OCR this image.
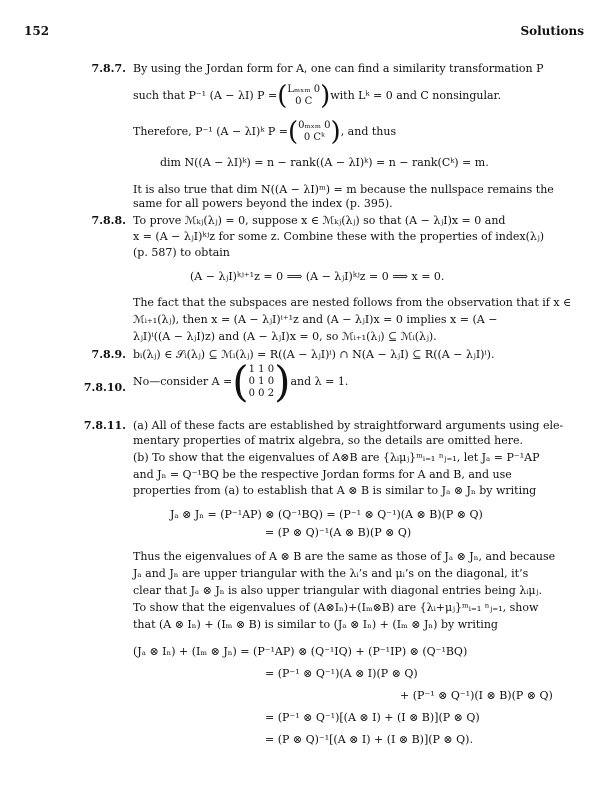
152	Solutions
7.8.7. By using the Jordan form for A, one can find a similarity transformation P
such that P⁻¹ (A − λI) P =(Lₘₓₘ 0
0 C )with Lᵏ = 0 and C nonsingular.
Therefore, P⁻¹ (A − λI)ᵏ P =(0ₘₓₘ 0
0 Cᵏ ), and thus
dim N((A − λI)ᵏ) = n − rank((A − λI)ᵏ) = n − rank(Cᵏ) = m.
It is also true that dim N((A − λI)ᵐ) = m because the nullspace remains the
same for all powers beyond the index (p. 395).
7.8.8. To prove ℳₖⱼ(λⱼ) = 0, suppose x ∈ ℳₖⱼ(λⱼ) so that (A − λⱼI)x = 0 and
x = (A − λⱼI)ᵏʲz for some z. Combine these with the properties of index(λⱼ)
(p. 587) to obtain
(A − λⱼI)ᵏʲ⁺¹z = 0 ⟹ (A − λⱼI)ᵏʲz = 0 ⟹ x = 0.
The fact that the subspaces are nested follows from the observation that if x ∈
ℳᵢ₊₁(λⱼ), then x = (A − λⱼI)ⁱ⁺¹z and (A − λⱼI)x = 0 implies x = (A −
λⱼI)ⁱ((A − λⱼI)z) and (A − λⱼI)x = 0, so ℳᵢ₊₁(λⱼ) ⊆ ℳᵢ(λⱼ).
7.8.9. bᵢ(λⱼ) ∈ 𝒮ᵢ(λⱼ) ⊆ ℳᵢ(λⱼ) = R((A − λⱼI)ⁱ) ∩ N(A − λⱼI) ⊆ R((A − λⱼI)ⁱ).
7.8.10. No—consider A =(1 1 0
0 1 0
0 0 2)and λ = 1.
7.8.11. (a) All of these facts are established by straightforward arguments using ele-
mentary properties of matrix algebra, so the details are omitted here.
(b) To show that the eigenvalues of A⊗B are {λᵢμⱼ}ᵐᵢ₌₁ ⁿⱼ₌₁, let Jₐ = P⁻¹AP
and Jₙ = Q⁻¹BQ be the respective Jordan forms for A and B, and use
properties from (a) to establish that A ⊗ B is similar to Jₐ ⊗ Jₙ by writing
Jₐ ⊗ Jₙ = (P⁻¹AP) ⊗ (Q⁻¹BQ) = (P⁻¹ ⊗ Q⁻¹)(A ⊗ B)(P ⊗ Q)
= (P ⊗ Q)⁻¹(A ⊗ B)(P ⊗ Q)
Thus the eigenvalues of A ⊗ B are the same as those of Jₐ ⊗ Jₙ, and because
Jₐ and Jₙ are upper triangular with the λᵢ’s and μᵢ’s on the diagonal, it’s
clear that Jₐ ⊗ Jₙ is also upper triangular with diagonal entries being λᵢμⱼ.
To show that the eigenvalues of (A⊗Iₙ)+(Iₘ⊗B) are {λᵢ+μⱼ}ᵐᵢ₌₁ ⁿⱼ₌₁, show
that (A ⊗ Iₙ) + (Iₘ ⊗ B) is similar to (Jₐ ⊗ Iₙ) + (Iₘ ⊗ Jₙ) by writing
(Jₐ ⊗ Iₙ) + (Iₘ ⊗ Jₙ) = (P⁻¹AP) ⊗ (Q⁻¹IQ) + (P⁻¹IP) ⊗ (Q⁻¹BQ)
= (P⁻¹ ⊗ Q⁻¹)(A ⊗ I)(P ⊗ Q)
+ (P⁻¹ ⊗ Q⁻¹)(I ⊗ B)(P ⊗ Q)
= (P⁻¹ ⊗ Q⁻¹)[(A ⊗ I) + (I ⊗ B)](P ⊗ Q)
= (P ⊗ Q)⁻¹[(A ⊗ I) + (I ⊗ B)](P ⊗ Q).
